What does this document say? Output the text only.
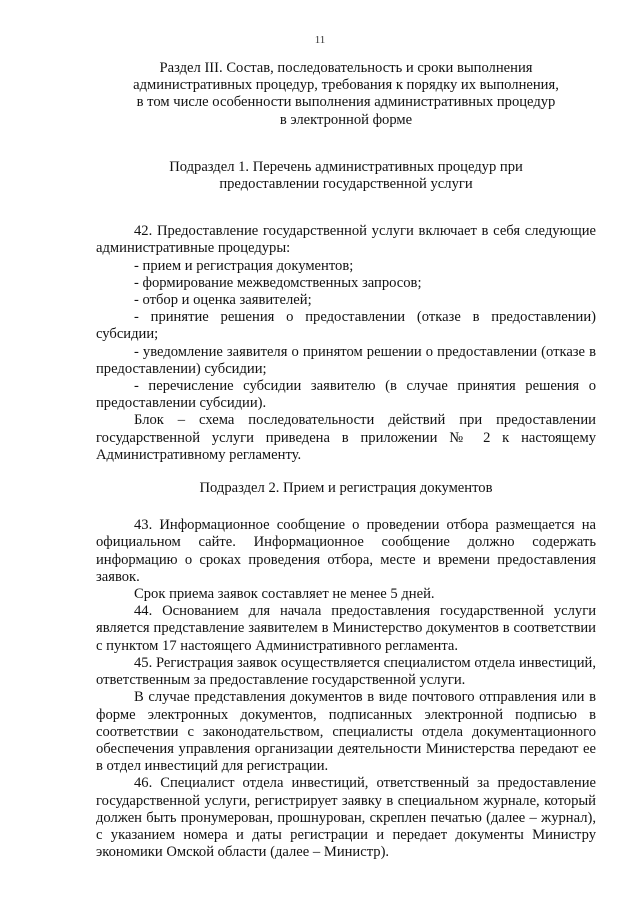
11
Раздел III. Состав, последовательность и сроки выполнения
административных процедур, требования к порядку их выполнения,
в том числе особенности выполнения административных процедур
в электронной форме
Подраздел 1. Перечень административных процедур при
предоставлении государственной услуги

42. Предоставление государственной услуги включает в себя следующие административные процедуры:

- прием и регистрация документов;
- формирование межведомственных запросов;
- отбор и оценка заявителей;
- принятие решения о предоставлении (отказе в предоставлении) субсидии;
- уведомление заявителя о принятом решении о предоставлении (отказе в предоставлении) субсидии;
- перечисление субсидии заявителю (в случае принятия решения о предоставлении субсидии).

Блок – схема последовательности действий при предоставлении государственной услуги приведена в приложении № 2 к настоящему Административному регламенту.

Подраздел 2. Прием и регистрация документов

43. Информационное сообщение о проведении отбора размещается на официальном сайте. Информационное сообщение должно содержать информацию о сроках проведения отбора, месте и времени предоставления заявок.

Срок приема заявок составляет не менее 5 дней.

44. Основанием для начала предоставления государственной услуги является представление заявителем в Министерство документов в соответствии с пунктом 17 настоящего Административного регламента.

45. Регистрация заявок осуществляется специалистом отдела инвестиций, ответственным за предоставление государственной услуги.

В случае представления документов в виде почтового отправления или в форме электронных документов, подписанных электронной подписью в соответствии с законодательством, специалисты отдела документационного обеспечения управления организации деятельности Министерства передают ее в отдел инвестиций для регистрации.

46. Специалист отдела инвестиций, ответственный за предоставление государственной услуги, регистрирует заявку в специальном журнале, который должен быть пронумерован, прошнурован, скреплен печатью (далее – журнал), с указанием номера и даты регистрации и передает документы Министру экономики Омской области (далее – Министр).
